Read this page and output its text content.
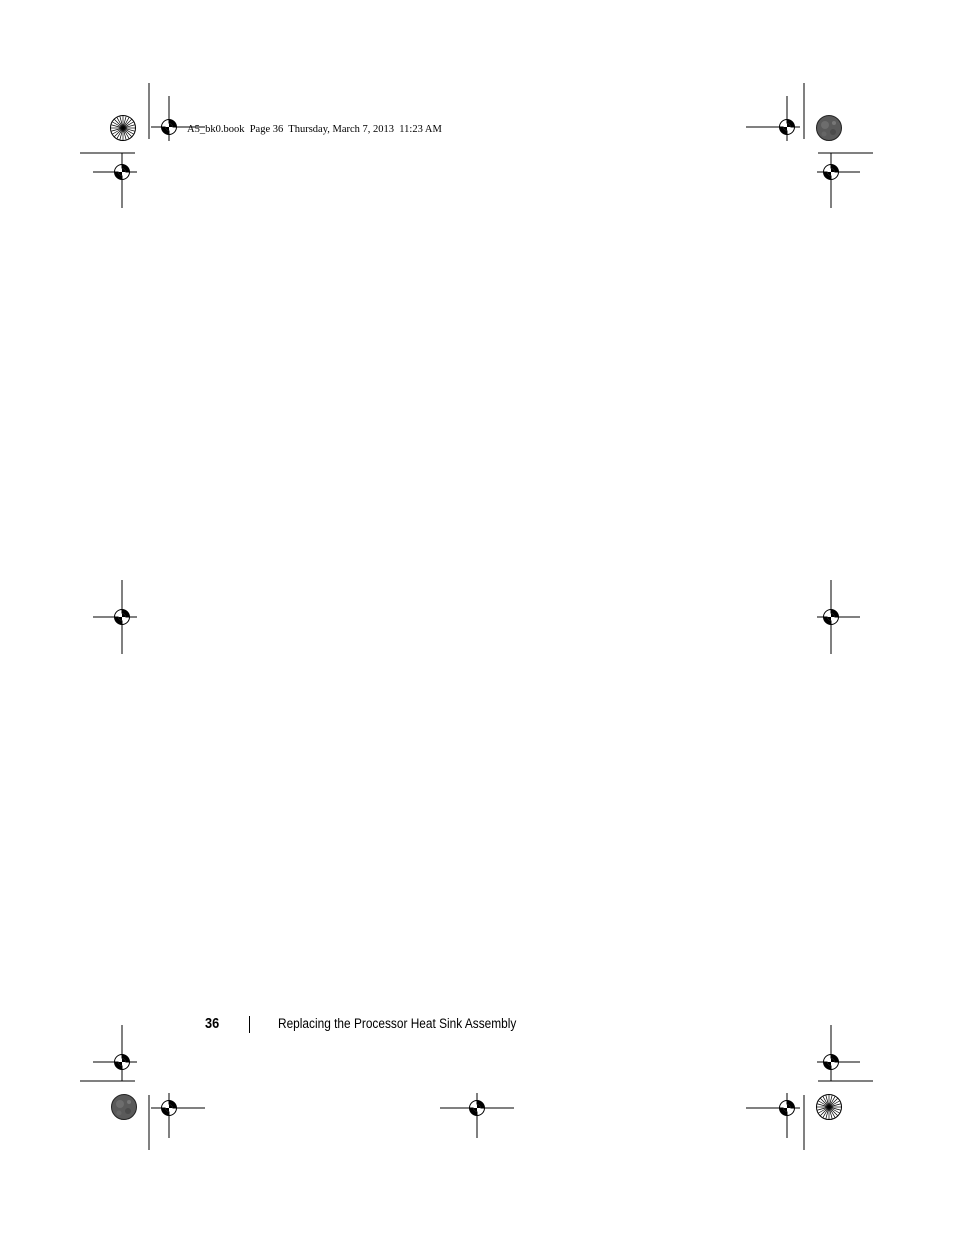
A5_bk0.book  Page 36  Thursday, March 7, 2013  11:23 AM
36	Replacing the Processor Heat Sink Assembly
